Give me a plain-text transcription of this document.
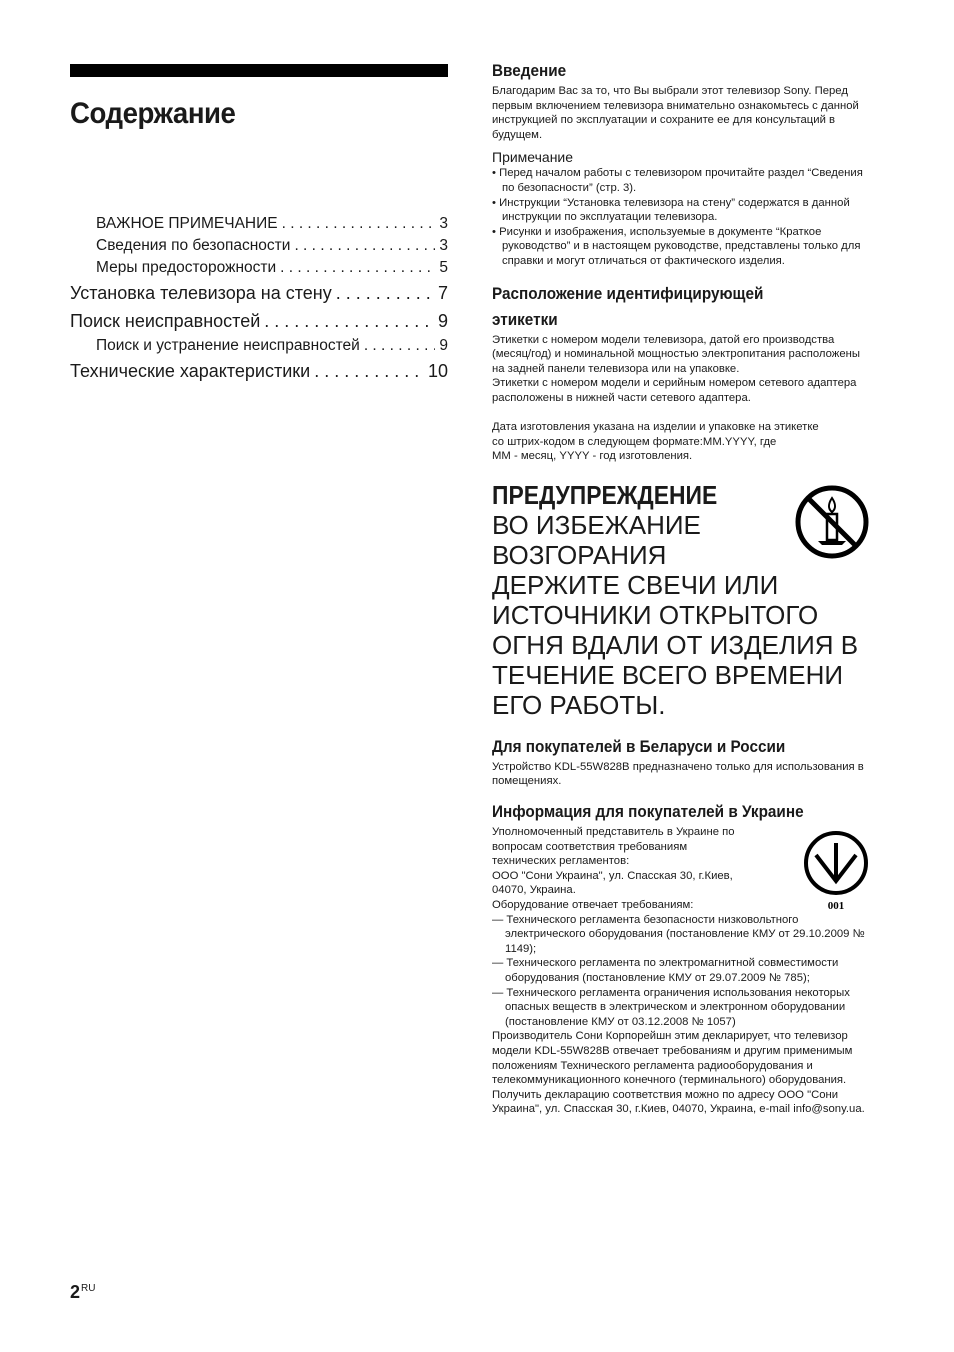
Содержание
ВАЖНОЕ ПРИМЕЧАНИЕ . . .	3
Сведения по безопасности . . .	3
Меры предосторожности . . .	5
Установка телевизора на стену . . .	7
Поиск неисправностей . . .	9
Поиск и устранение неисправностей . . .	9
Технические характеристики . . .	10
Введение

Благодарим Вас за то, что Вы выбрали этот телевизор Sony. Перед первым включением телевизора внимательно ознакомьтесь с данной инструкцией по эксплуатации и сохраните ее для консультаций в будущем.

Примечание

• Перед началом работы с телевизором прочитайте раздел “Сведения по безопасности” (стр. 3).

• Инструкции “Установка телевизора на стену” содержатся в данной инструкции по эксплуатации телевизора.

• Рисунки и изображения, используемые в документе “Краткое руководство” и в настоящем руководстве, представлены только для справки и могут отличаться от фактического изделия.

Расположение идентифицирующей
этикетки

Этикетки с номером модели телевизора, датой его производства (месяц/год) и номинальной мощностью электропитания расположены на задней панели телевизора или на упаковке.

Этикетки с номером модели и серийным номером сетевого адаптера расположены в нижней части сетевого адаптера.

Дата изготовления указана на изделии и упаковке на этикетке

со штрих-кодом в следующем формате:MM.YYYY, где

MM - месяц, YYYY - год изготовления.

ПРЕДУПРЕЖДЕНИЕ
ВО ИЗБЕЖАНИЕ
ВОЗГОРАНИЯ
ДЕРЖИТЕ СВЕЧИ ИЛИ
ИСТОЧНИКИ ОТКРЫТОГО
ОГНЯ ВДАЛИ ОТ ИЗДЕЛИЯ В
ТЕЧЕНИЕ ВСЕГО ВРЕМЕНИ
ЕГО РАБОТЫ.
Для покупателей в Беларуси и России

Устройство KDL-55W828B предназначено только для использования в помещениях.

Информация для покупателей в Украине
001

Уполномоченный представитель в Украине по

вопросам соответствия требованиям

технических регламентов:

ООО "Сони Украина", ул. Спасская 30, г.Киев,

04070, Украина.

Оборудование отвечает требованиям:

— Технического регламента безопасности низковольтного электрического оборудования (постановление КМУ от 29.10.2009 № 1149);

— Технического регламента по электромагнитной совместимости оборудования (постановление КМУ от 29.07.2009 № 785);

— Технического регламента ограничения использования некоторых опасных веществ в электрическом и электронном оборудовании (постановление КМУ от 03.12.2008 № 1057)

Производитель Сони Корпорейшн этим декларирует, что телевизор модели KDL-55W828B отвечает требованиям и другим применимым положениям Технического регламента радиооборудования и телекоммуникационного конечного (терминального) оборудования. Получить декларацию соответствия можно по адресу ООО "Сони Украина", ул. Спасская 30, г.Киев, 04070, Украина, e-mail info@sony.ua.

$2^{RU}$
